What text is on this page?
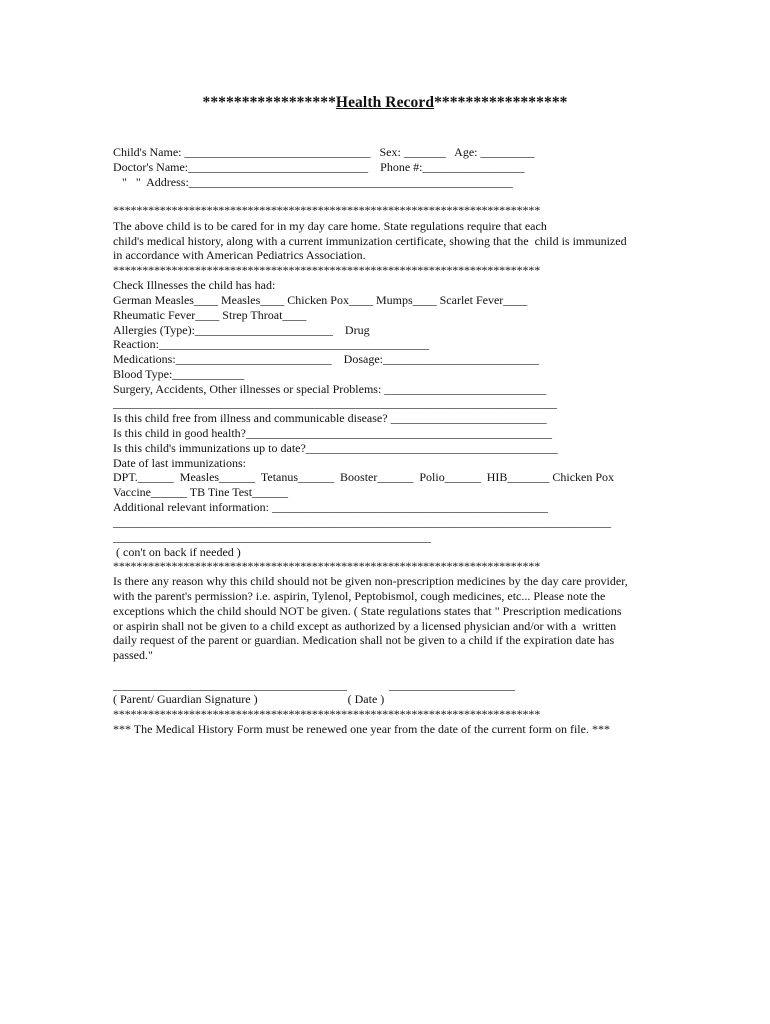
*****************Health Record*****************
Child's Name: _______________________________   Sex: _______   Age: _________
Doctor's Name:______________________________    Phone #:_________________
"   "  Address:______________________________________________________
*************************************************************************
The above child is to be cared for in my day care home. State regulations require that each
child's medical history, along with a current immunization certificate, showing that the  child is immunized
in accordance with American Pediatrics Association.
*************************************************************************
Check Illnesses the child has had:
German Measles____ Measles____ Chicken Pox____ Mumps____ Scarlet Fever____
Rheumatic Fever____ Strep Throat____
Allergies (Type):_______________________    Drug
Reaction:_____________________________________________
Medications:__________________________    Dosage:__________________________
Blood Type:____________
Surgery, Accidents, Other illnesses or special Problems: ___________________________
__________________________________________________________________________
Is this child free from illness and communicable disease? __________________________
Is this child in good health?___________________________________________________
Is this child's immunizations up to date?__________________________________________
Date of last immunizations:
DPT.______  Measles______  Tetanus______  Booster______  Polio______  HIB_______ Chicken Pox
Vaccine______ TB Tine Test______
Additional relevant information: ______________________________________________
___________________________________________________________________________________
_____________________________________________________
( con't on back if needed )
*************************************************************************
Is there any reason why this child should not be given non-prescription medicines by the day care provider,
with the parent's permission? i.e. aspirin, Tylenol, Peptobismol, cough medicines, etc... Please note the
exceptions which the child should NOT be given. ( State regulations states that " Prescription medications
or aspirin shall not be given to a child except as authorized by a licensed physician and/or with a  written
daily request of the parent or guardian. Medication shall not be given to a child if the expiration date has
passed."
_______________________________________              _____________________
( Parent/ Guardian Signature )                              ( Date )
*************************************************************************
*** The Medical History Form must be renewed one year from the date of the current form on file. ***
